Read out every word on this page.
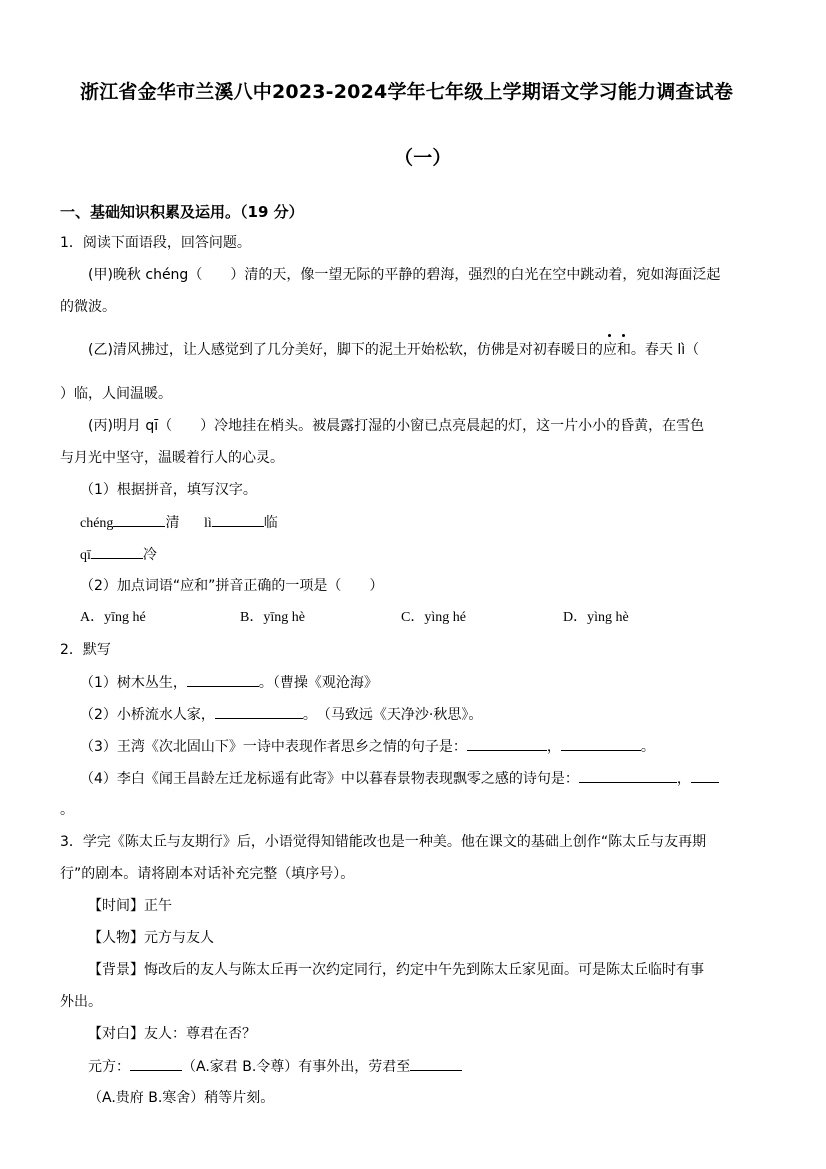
浙江省金华市兰溪八中2023-2024学年七年级上学期语文学习能力调查试卷
（一）
一、基础知识积累及运用。（19 分）
1．阅读下面语段，回答问题。
(甲)晚秋 chéng（　　）清的天，像一望无际的平静的碧海，强烈的白光在空中跳动着，宛如海面泛起
的微波。
(乙)清风拂过，让人感觉到了几分美好，脚下的泥土开始松软，仿佛是对初春暖日的应和。春天 lì（
）临，人间温暖。
(丙)明月 qī（　　）冷地挂在梢头。被晨露打湿的小窗已点亮晨起的灯，这一片小小的昏黄，在雪色
与月光中坚守，温暖着行人的心灵。
（1）根据拼音，填写汉字。
chéng	清 lì	临
qī	冷
（2）加点词语“应和”拼音正确的一项是（　　）
A．yīng hé	B．yīng hè	C．yìng hé	D．yìng hè
2．默写
（1）树木丛生，	。（曹操《观沧海》
（2）小桥流水人家，	。　（马致远《天净沙·秋思》。
（3）王湾《次北固山下》一诗中表现作者思乡之情的句子是：	，	。
（4）李白《闻王昌龄左迁龙标遥有此寄》中以暮春景物表现飘零之感的诗句是：	，
。
3．学完《陈太丘与友期行》后，小语觉得知错能改也是一种美。他在课文的基础上创作“陈太丘与友再期
行”的剧本。请将剧本对话补充完整（填序号）。
【时间】正午
【人物】元方与友人
【背景】悔改后的友人与陈太丘再一次约定同行，约定中午先到陈太丘家见面。可是陈太丘临时有事
外出。
【对白】友人：尊君在否？
元方：	（A.家君 B.令尊）有事外出，劳君至
（A.贵府 B.寒舍）稍等片刻。
